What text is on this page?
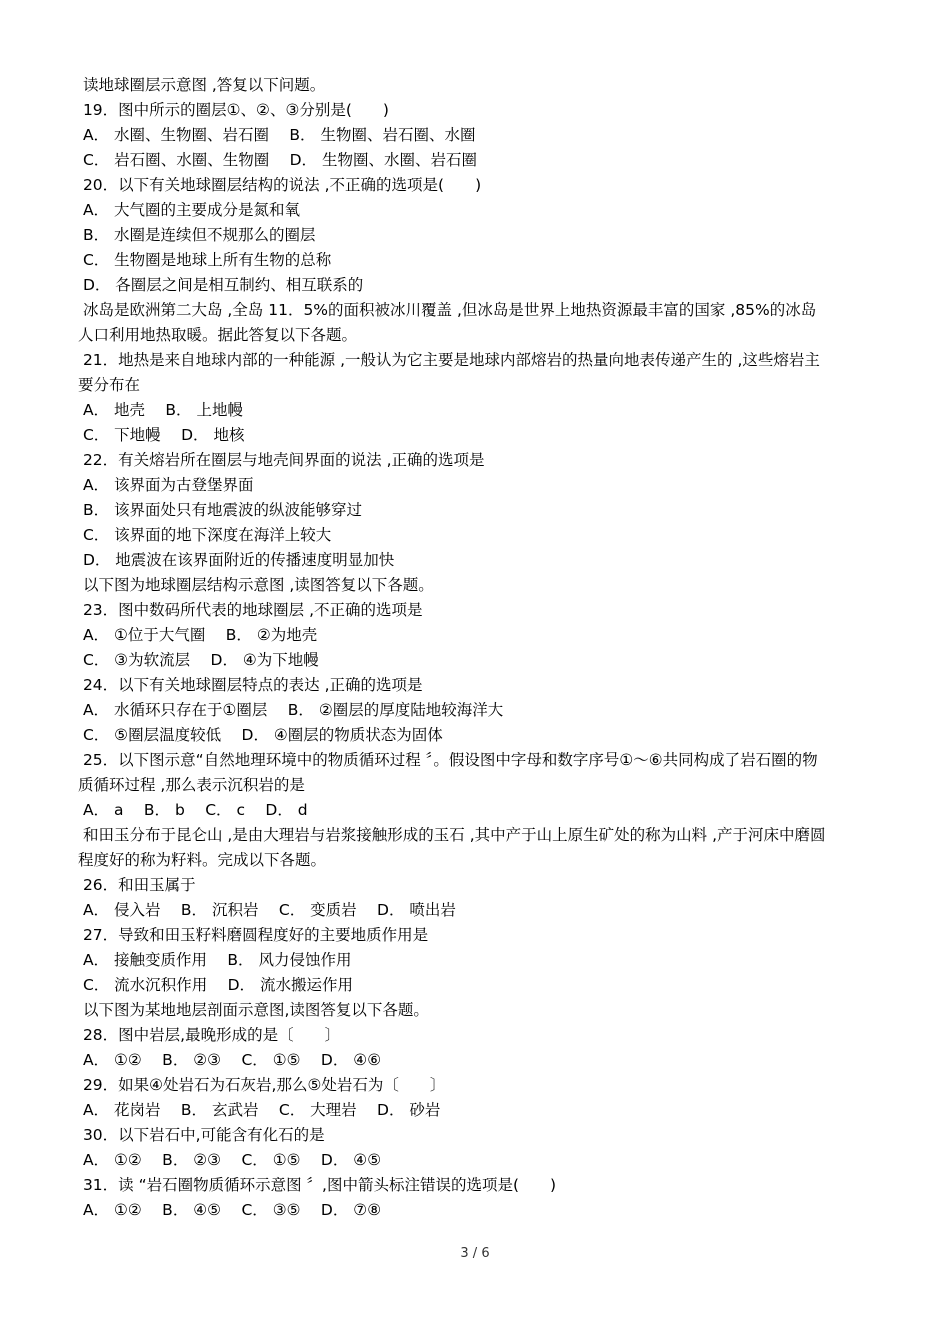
读地球圈层示意图 ,答复以下问题。

19．图中所示的圈层①、②、③分别是(　　)

A． 水圈、生物圈、岩石圈　 B． 生物圈、岩石圈、水圈

C． 岩石圈、水圈、生物圈　 D． 生物圈、水圈、岩石圈

20．以下有关地球圈层结构的说法 ,不正确的选项是(　　)

A． 大气圈的主要成分是氮和氧

B． 水圈是连续但不规那么的圈层

C． 生物圈是地球上所有生物的总称

D． 各圈层之间是相互制约、相互联系的

冰岛是欧洲第二大岛 ,全岛 11．5%的面积被冰川覆盖 ,但冰岛是世界上地热资源最丰富的国家 ,85%的冰岛

人口利用地热取暖。据此答复以下各题。

21．地热是来自地球内部的一种能源 ,一般认为它主要是地球内部熔岩的热量向地表传递产生的 ,这些熔岩主

要分布在

A． 地壳　 B． 上地幔

C． 下地幔　 D． 地核

22．有关熔岩所在圈层与地壳间界面的说法 ,正确的选项是

A． 该界面为古登堡界面

B． 该界面处只有地震波的纵波能够穿过

C． 该界面的地下深度在海洋上较大

D． 地震波在该界面附近的传播速度明显加快

以下图为地球圈层结构示意图 ,读图答复以下各题。

23．图中数码所代表的地球圈层 ,不正确的选项是

A． ①位于大气圈　 B． ②为地壳

C． ③为软流层　 D． ④为下地幔

24．以下有关地球圈层特点的表达 ,正确的选项是

A． 水循环只存在于①圈层　 B． ②圈层的厚度陆地较海洋大

C． ⑤圈层温度较低　 D． ④圈层的物质状态为固体

25．以下图示意“自然地理环境中的物质循环过程 〞。假设图中字母和数字序号①～⑥共同构成了岩石圈的物

质循环过程 ,那么表示沉积岩的是

A． a　 B． b　 C． c　 D． d

和田玉分布于昆仑山 ,是由大理岩与岩浆接触形成的玉石 ,其中产于山上原生矿处的称为山料 ,产于河床中磨圆

程度好的称为籽料。完成以下各题。

26．和田玉属于

A． 侵入岩　 B． 沉积岩　 C． 变质岩　 D． 喷出岩

27．导致和田玉籽料磨圆程度好的主要地质作用是

A． 接触变质作用　 B． 风力侵蚀作用

C． 流水沉积作用　 D． 流水搬运作用

以下图为某地地层剖面示意图,读图答复以下各题。

28．图中岩层,最晚形成的是〔　　〕

A． ①②　 B． ②③　 C． ①⑤　 D． ④⑥

29．如果④处岩石为石灰岩,那么⑤处岩石为〔　　〕

A． 花岗岩　 B． 玄武岩　 C． 大理岩　 D． 砂岩

30．以下岩石中,可能含有化石的是

A． ①②　 B． ②③　 C． ①⑤　 D． ④⑤

31．读 “岩石圈物质循环示意图 〞,图中箭头标注错误的选项是(　　)

A． ①②　 B． ④⑤　 C． ③⑤　 D． ⑦⑧

3 / 6
